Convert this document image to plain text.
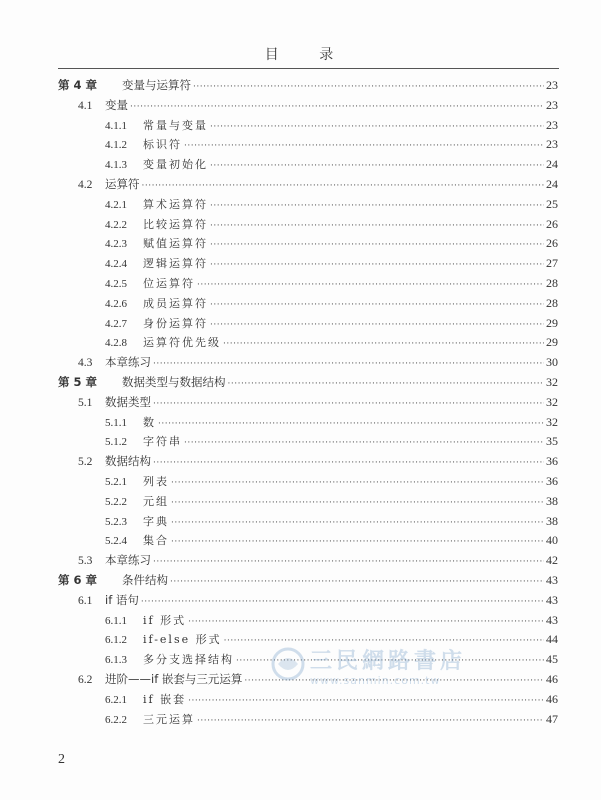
目 录
第 4 章	变量与运算符 ·····	23
4.1	变量 ·····	23
4.1.1	常量与变量 ·····	23
4.1.2	标识符 ·····	23
4.1.3	变量初始化 ·····	24
4.2	运算符 ·····	24
4.2.1	算术运算符 ·····	25
4.2.2	比较运算符 ·····	26
4.2.3	赋值运算符 ·····	26
4.2.4	逻辑运算符 ·····	27
4.2.5	位运算符 ·····	28
4.2.6	成员运算符 ·····	28
4.2.7	身份运算符 ·····	29
4.2.8	运算符优先级 ·····	29
4.3	本章练习 ·····	30
第 5 章	数据类型与数据结构 ·····	32
5.1	数据类型 ·····	32
5.1.1	数 ·····	32
5.1.2	字符串 ·····	35
5.2	数据结构 ·····	36
5.2.1	列表 ·····	36
5.2.2	元组 ·····	38
5.2.3	字典 ·····	38
5.2.4	集合 ·····	40
5.3	本章练习 ·····	42
第 6 章	条件结构 ·····	43
6.1	if 语句 ·····	43
6.1.1	if 形式 ·····	43
6.1.2	if-else 形式 ·····	44
6.1.3	多分支选择结构 ·····	45
6.2	进阶——if 嵌套与三元运算 ·····	46
6.2.1	if 嵌套 ·····	46
6.2.2	三元运算 ·····	47
三民網路書店
www.sanmin.com.tw
2
